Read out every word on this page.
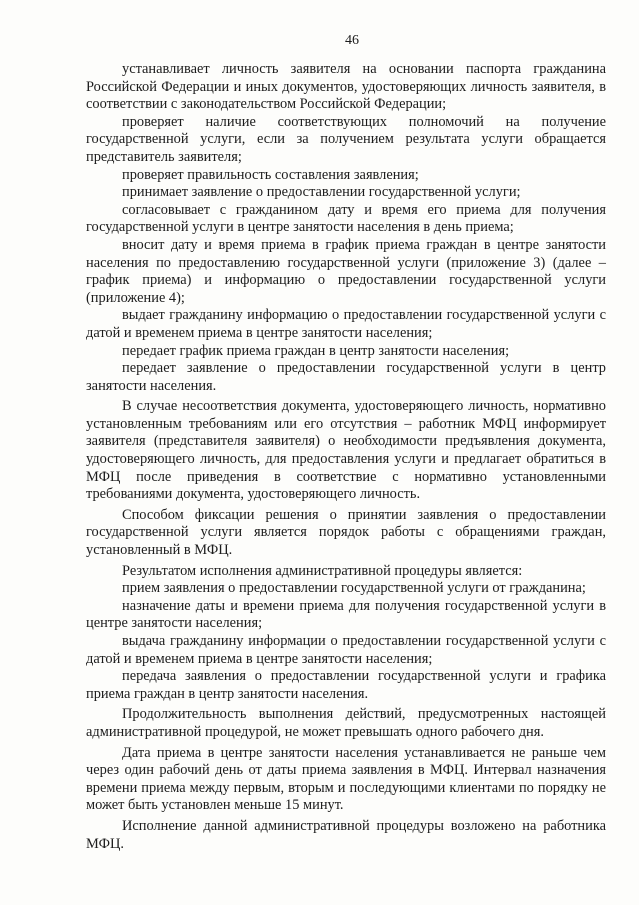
46

устанавливает личность заявителя на основании паспорта гражданина Российской Федерации и иных документов, удостоверяющих личность заявителя, в соответствии с законодательством Российской Федерации;

проверяет наличие соответствующих полномочий на получение государственной услуги, если за получением результата услуги обращается представитель заявителя;

проверяет правильность составления заявления;

принимает заявление о предоставлении государственной услуги;

согласовывает с гражданином дату и время его приема для получения государственной услуги в центре занятости населения в день приема;

вносит дату и время приема в график приема граждан в центре занятости населения по предоставлению государственной услуги (приложение 3) (далее – график приема) и информацию о предоставлении государственной услуги (приложение 4);

выдает гражданину информацию о предоставлении государственной услуги с датой и временем приема в центре занятости населения;

передает график приема граждан в центр занятости населения;

передает заявление о предоставлении государственной услуги в центр занятости населения.

В случае несоответствия документа, удостоверяющего личность, нормативно установленным требованиям или его отсутствия – работник МФЦ информирует заявителя (представителя заявителя) о необходимости предъявления документа, удостоверяющего личность, для предоставления услуги и предлагает обратиться в МФЦ после приведения в соответствие с нормативно установленными требованиями документа, удостоверяющего личность.

Способом фиксации решения о принятии заявления о предоставлении государственной услуги является порядок работы с обращениями граждан, установленный в МФЦ.

Результатом исполнения административной процедуры является:

прием заявления о предоставлении государственной услуги от гражданина;

назначение даты и времени приема для получения государственной услуги в центре занятости населения;

выдача гражданину информации о предоставлении государственной услуги с датой и временем приема в центре занятости населения;

передача заявления о предоставлении государственной услуги и графика приема граждан в центр занятости населения.

Продолжительность выполнения действий, предусмотренных настоящей административной процедурой, не может превышать одного рабочего дня.

Дата приема в центре занятости населения устанавливается не раньше чем через один рабочий день от даты приема заявления в МФЦ. Интервал назначения времени приема между первым, вторым и последующими клиентами по порядку не может быть установлен меньше 15 минут.

Исполнение данной административной процедуры возложено на работника МФЦ.
